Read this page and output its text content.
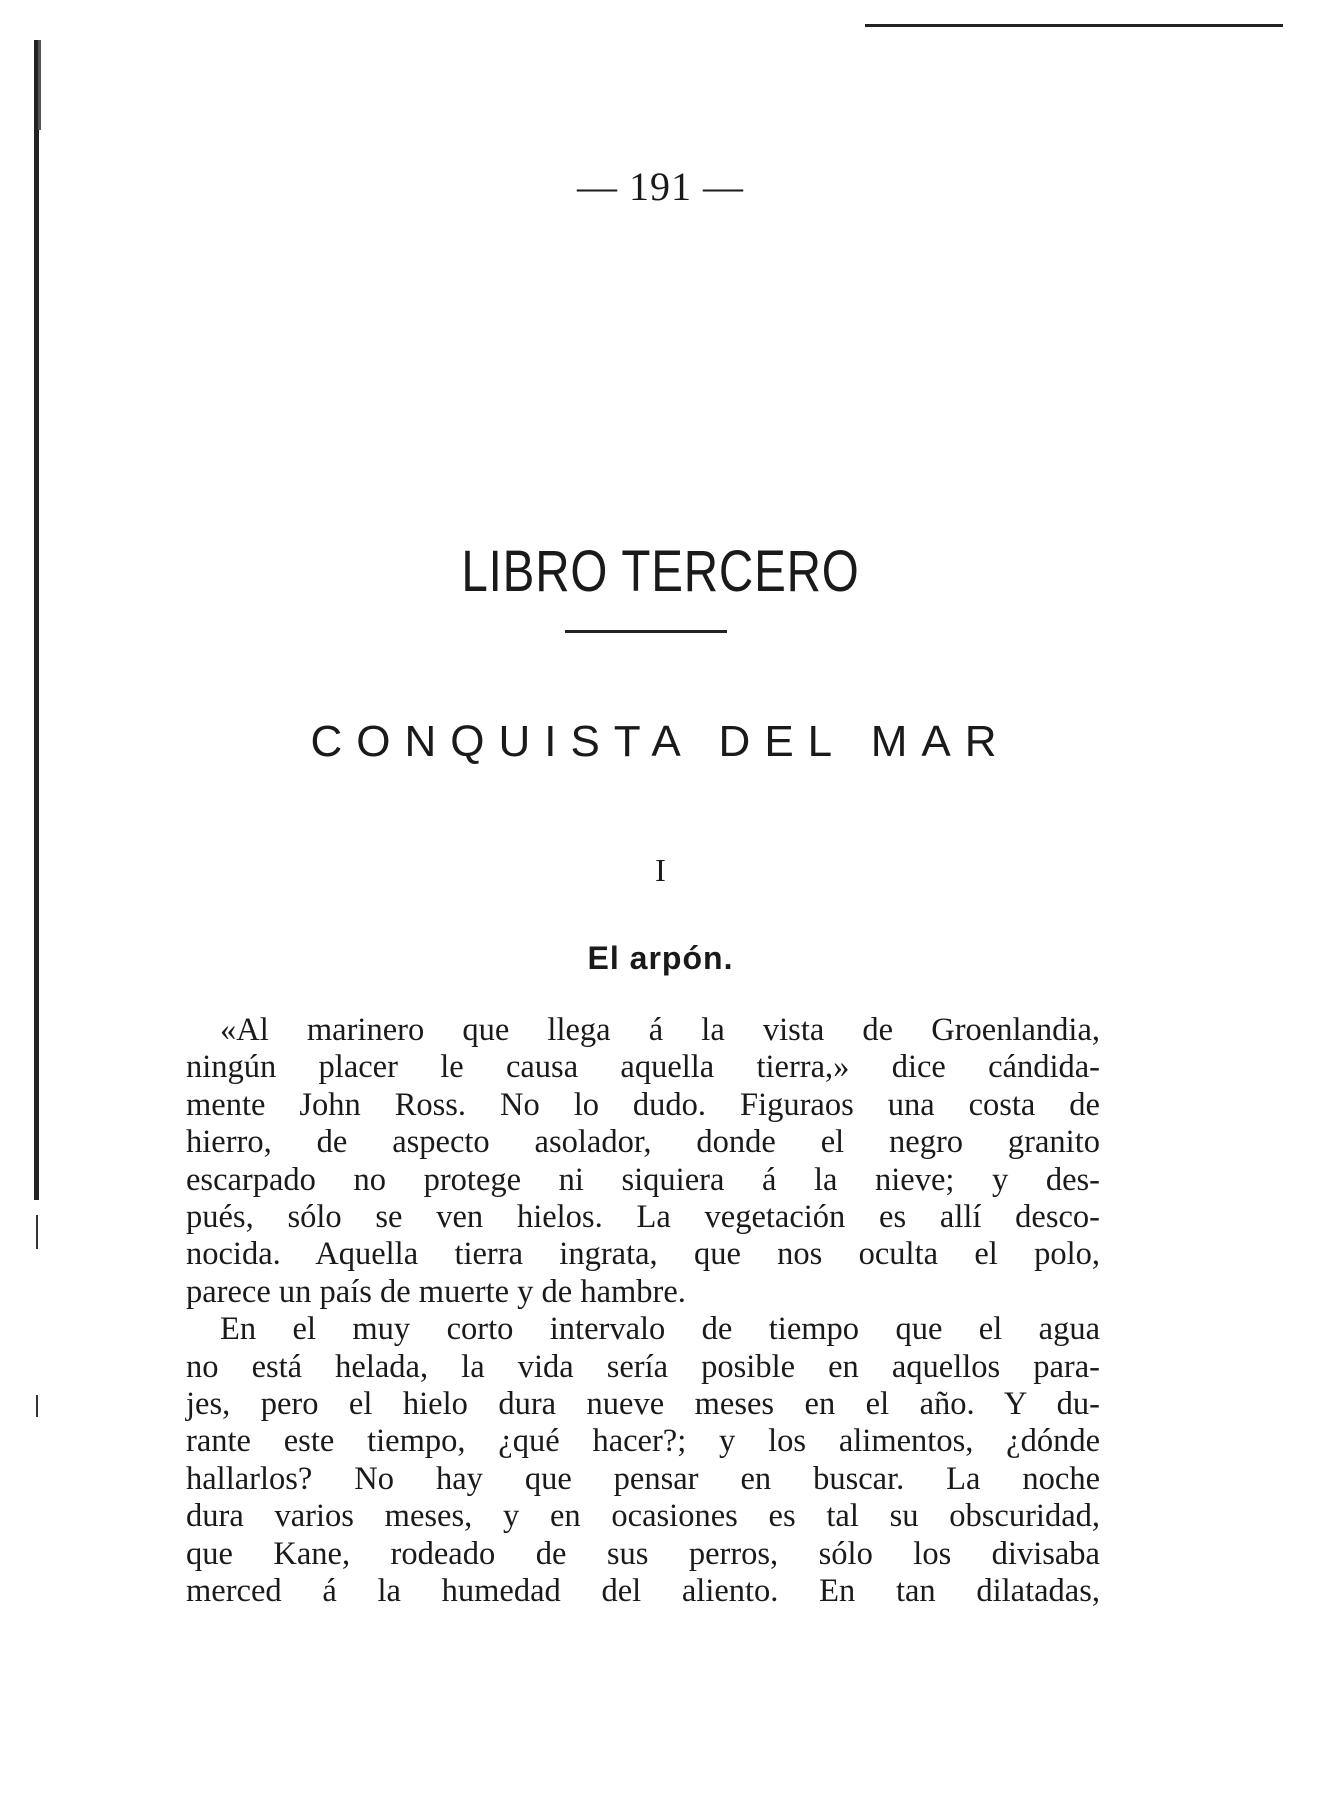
— 191 —
LIBRO TERCERO
CONQUISTA DEL MAR
I
El arpón.
«Al marinero que llega á la vista de Groenlandia,
ningún placer le causa aquella tierra,» dice cándida-
mente John Ross. No lo dudo. Figuraos una costa de
hierro, de aspecto asolador, donde el negro granito
escarpado no protege ni siquiera á la nieve; y des-
pués, sólo se ven hielos. La vegetación es allí desco-
nocida. Aquella tierra ingrata, que nos oculta el polo,
parece un país de muerte y de hambre.
En el muy corto intervalo de tiempo que el agua
no está helada, la vida sería posible en aquellos para-
jes, pero el hielo dura nueve meses en el año. Y du-
rante este tiempo, ¿qué hacer?; y los alimentos, ¿dónde
hallarlos? No hay que pensar en buscar. La noche
dura varios meses, y en ocasiones es tal su obscuridad,
que Kane, rodeado de sus perros, sólo los divisaba
merced á la humedad del aliento. En tan dilatadas,
